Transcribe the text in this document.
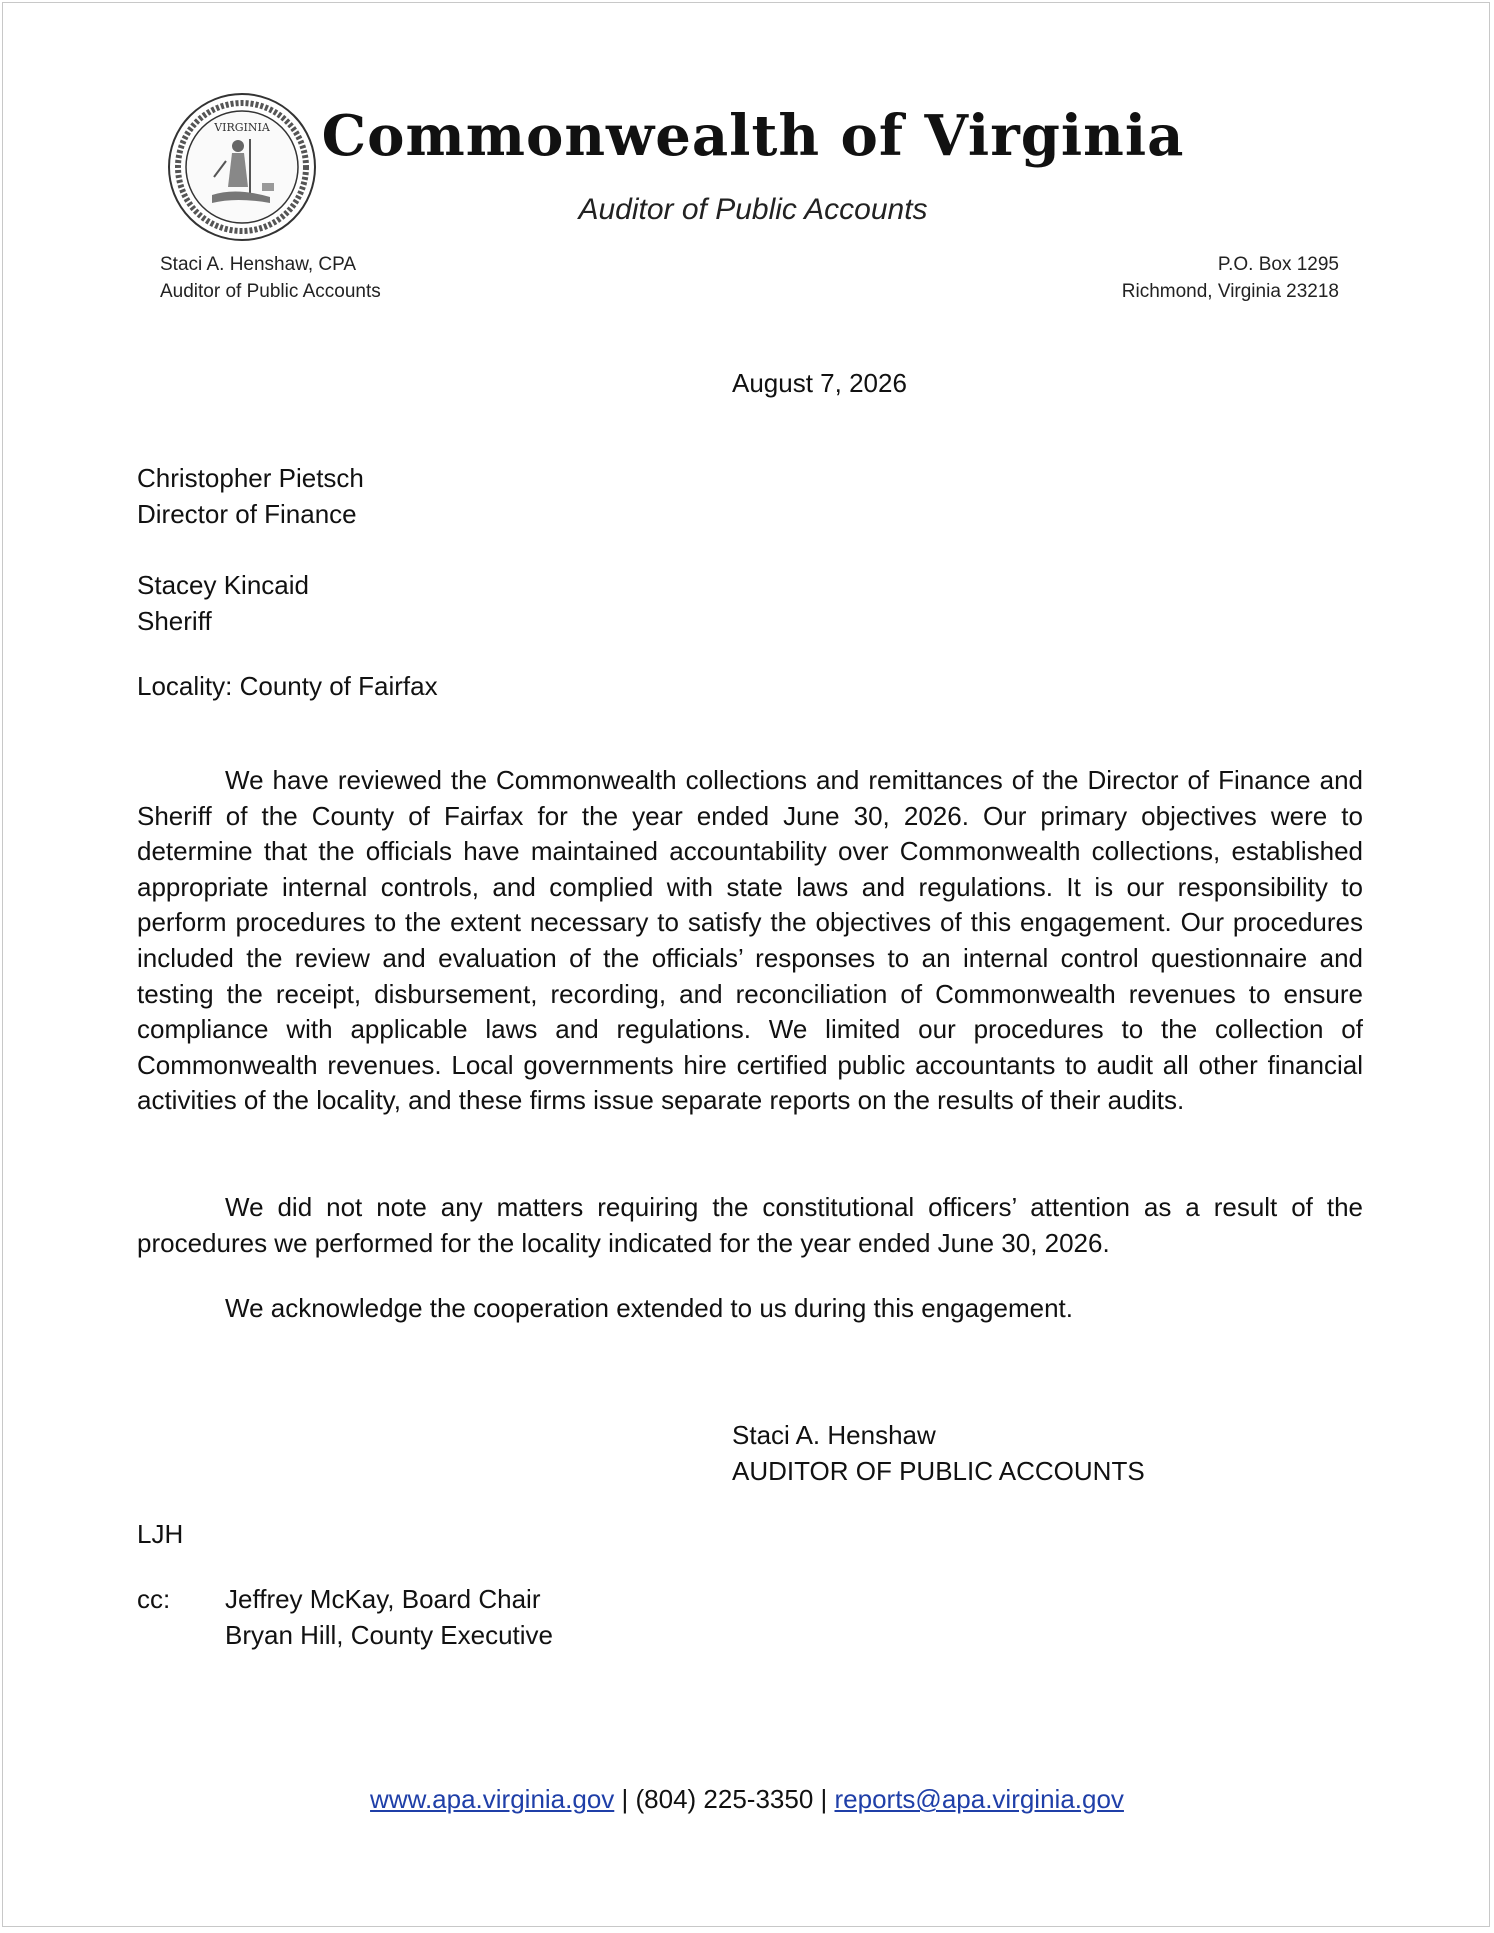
VIRGINIA Commonwealth of Virginia
Auditor of Public Accounts
Staci A. Henshaw, CPA
Auditor of Public Accounts
P.O. Box 1295
Richmond, Virginia 23218
August 7, 2026
Christopher Pietsch
Director of Finance
Stacey Kincaid
Sheriff
Locality: County of Fairfax
We have reviewed the Commonwealth collections and remittances of the Director of Finance and Sheriff of the County of Fairfax for the year ended June 30, 2026. Our primary objectives were to determine that the officials have maintained accountability over Commonwealth collections, established appropriate internal controls, and complied with state laws and regulations. It is our responsibility to perform procedures to the extent necessary to satisfy the objectives of this engagement. Our procedures included the review and evaluation of the officials’ responses to an internal control questionnaire and testing the receipt, disbursement, recording, and reconciliation of Commonwealth revenues to ensure compliance with applicable laws and regulations. We limited our procedures to the collection of Commonwealth revenues. Local governments hire certified public accountants to audit all other financial activities of the locality, and these firms issue separate reports on the results of their audits.
We did not note any matters requiring the constitutional officers’ attention as a result of the procedures we performed for the locality indicated for the year ended June 30, 2026.
We acknowledge the cooperation extended to us during this engagement.
Staci A. Henshaw
AUDITOR OF PUBLIC ACCOUNTS
LJH
cc: Jeffrey McKay, Board Chair
Bryan Hill, County Executive
www.apa.virginia.gov | (804) 225-3350 | reports@apa.virginia.gov
